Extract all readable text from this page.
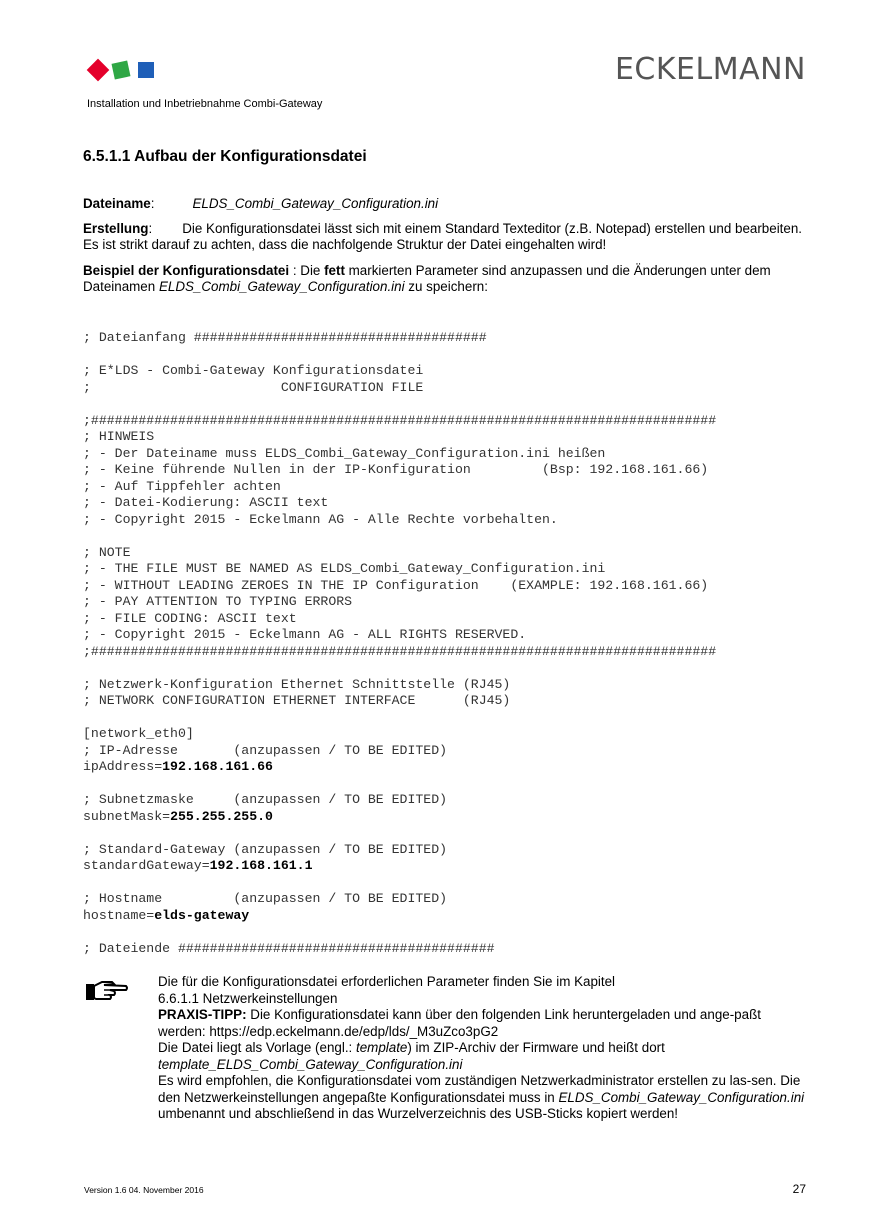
ECKELMANN
Installation und Inbetriebnahme Combi-Gateway
6.5.1.1 Aufbau der Konfigurationsdatei
Dateiname:	ELDS_Combi_Gateway_Configuration.ini
Erstellung: Die Konfigurationsdatei lässt sich mit einem Standard Texteditor (z.B. Notepad) erstellen und bearbeiten. Es ist strikt darauf zu achten, dass die nachfolgende Struktur der Datei eingehalten wird!
Beispiel der Konfigurationsdatei : Die fett markierten Parameter sind anzupassen und die Änderungen unter dem Dateinamen ELDS_Combi_Gateway_Configuration.ini zu speichern:
; Dateianfang #####################################

; E*LDS - Combi-Gateway Konfigurationsdatei
;                        CONFIGURATION FILE

;###############################################################################
; HINWEIS
; - Der Dateiname muss ELDS_Combi_Gateway_Configuration.ini heißen
; - Keine führende Nullen in der IP-Konfiguration         (Bsp: 192.168.161.66)
; - Auf Tippfehler achten
; - Datei-Kodierung: ASCII text
; - Copyright 2015 - Eckelmann AG - Alle Rechte vorbehalten.

; NOTE
; - THE FILE MUST BE NAMED AS ELDS_Combi_Gateway_Configuration.ini
; - WITHOUT LEADING ZEROES IN THE IP Configuration    (EXAMPLE: 192.168.161.66)
; - PAY ATTENTION TO TYPING ERRORS
; - FILE CODING: ASCII text
; - Copyright 2015 - Eckelmann AG - ALL RIGHTS RESERVED.
;###############################################################################

; Netzwerk-Konfiguration Ethernet Schnittstelle (RJ45)
; NETWORK CONFIGURATION ETHERNET INTERFACE      (RJ45)

[network_eth0]
; IP-Adresse       (anzupassen / TO BE EDITED)
ipAddress=192.168.161.66

; Subnetzmaske     (anzupassen / TO BE EDITED)
subnetMask=255.255.255.0

; Standard-Gateway (anzupassen / TO BE EDITED)
standardGateway=192.168.161.1

; Hostname         (anzupassen / TO BE EDITED)
hostname=elds-gateway

; Dateiende ########################################
Die für die Konfigurationsdatei erforderlichen Parameter finden Sie im Kapitel
6.6.1.1 Netzwerkeinstellungen
PRAXIS-TIPP: Die Konfigurationsdatei kann über den folgenden Link heruntergeladen und ange-paßt werden: https://edp.eckelmann.de/edp/lds/_M3uZco3pG2
Die Datei liegt als Vorlage (engl.: template) im ZIP-Archiv der Firmware und heißt dort
template_ELDS_Combi_Gateway_Configuration.ini
Es wird empfohlen, die Konfigurationsdatei vom zuständigen Netzwerkadministrator erstellen zu las-sen. Die den Netzwerkeinstellungen angepaßte Konfigurationsdatei muss in ELDS_Combi_Gateway_Configuration.ini umbenannt und abschließend in das Wurzelverzeichnis des USB-Sticks kopiert werden!
Version 1.6 04. November 2016	27
